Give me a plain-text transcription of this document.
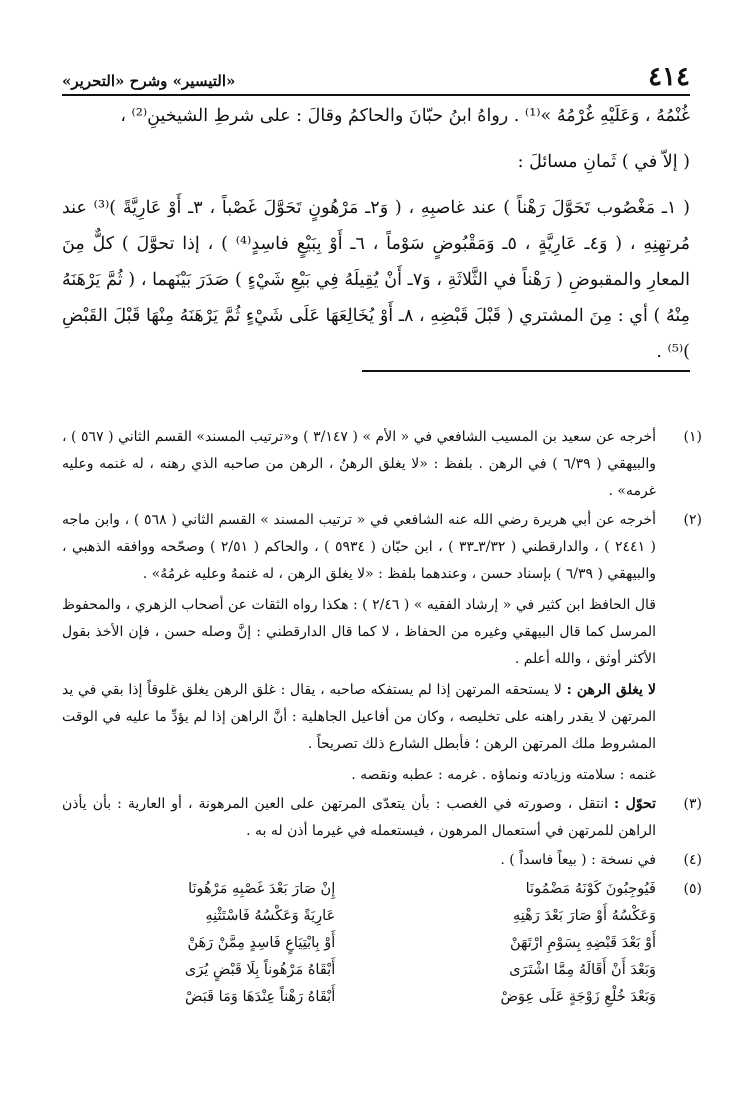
٤١٤
«التيسير» وشرح «التحرير»

غُنْمُهُ ، وَعَلَيْهِ غُرْمُهُ »⁽¹⁾ . رواهُ ابنُ حبّانَ والحاكمُ وقالَ : على شرطِ الشيخينِ⁽²⁾ ،

( إلاّ في ) ثَمانِ مسائلَ :

( ١ـ مَغْصُوب تَحَوَّلَ رَهْناً ) عند غاصبِهِ ، ( وَ٢ـ مَرْهُونٍ تَحَوَّلَ غَصْباً ، ٣ـ أَوْ عَارِيَّةً )⁽³⁾ عند مُرتهِنِهِ ، ( وَ٤ـ عَارِيَّةٍ ، ٥ـ وَمَقْبُوضٍ سَوْماً ، ٦ـ أَوْ بِبَيْعٍ فاسِدٍ⁽⁴⁾ ) ، إذا تحوَّلَ ) كلٌّ مِنَ المعارِ والمقبوضِ ( رَهْناً في الثَّلاثَةِ ، وَ٧ـ أَنْ يُقِيلَهُ فِي بَيْعِ شَيْءٍ ) صَدَرَ بَيْنَهما ، ( ثُمَّ يَرْهَنَهُ مِنْهُ ) أي : مِنَ المشتري ( قَبْلَ قَبْضِهِ ، ٨ـ أَوْ يُخَالِعَهَا عَلَى شَيْءٍ ثُمَّ يَرْهَنَهُ مِنْهَا قَبْلَ القَبْضِ )⁽⁵⁾ .

(١)

أخرجه عن سعيد بن المسيب الشافعي في « الأم » ( ٣/١٤٧ ) و«ترتيب المسند» القسم الثاني ( ٥٦٧ ) ، والبيهقي ( ٦/٣٩ ) في الرهن . بلفظ : «لا يغلق الرهنُ ، الرهن من صاحبه الذي رهنه ، له غنمه وعليه غرمه» .

(٢)

أخرجه عن أبي هريرة رضي الله عنه الشافعي في « ترتيب المسند » القسم الثاني ( ٥٦٨ ) ، وابن ماجه ( ٢٤٤١ ) ، والدارقطني ( ٣/٣٢ـ٣٣ ) ، ابن حبّان ( ٥٩٣٤ ) ، والحاكم ( ٢/٥١ ) وصحّحه ووافقه الذهبي ، والبيهقي ( ٦/٣٩ ) بإسناد حسن ، وعندهما بلفظ : «لا يغلق الرهن ، له غنمهُ وعليه غرمُهُ» .

قال الحافظ ابن كثير في « إرشاد الفقيه » ( ٢/٤٦ ) : هكذا رواه الثقات عن أصحاب الزهري ، والمحفوظ المرسل كما قال البيهقي وغيره من الحفاظ ، لا كما قال الدارقطني : إنَّ وصله حسن ، فإن الأخذ بقول الأكثر أوثق ، والله أعلم .

لا يغلق الرهن : لا يستحقه المرتهن إذا لم يستفكه صاحبه ، يقال : غلق الرهن يغلق غلوقاً إذا بقي في يد المرتهن لا يقدر راهنه على تخليصه ، وكان من أفاعيل الجاهلية : أنَّ الراهن إذا لم يؤدِّ ما عليه في الوقت المشروط ملك المرتهن الرهن ؛ فأبطل الشارع ذلك تصريحاً .

غنمه : سلامته وزيادته ونماؤه . غرمه : عطبه ونقصه .

(٣)

تحوّل : انتقل ، وصورته في الغصب : بأن يتعدّى المرتهن على العين المرهونة ، أو العارية : بأن يأذن الراهن للمرتهن في أستعمال المرهون ، فيستعمله في غيرما أذن له به .

(٤)

في نسخة : ( بيعاً فاسداً ) .

(٥)
فَيُوجِبُونَ كَوْنَهُ مَضْمُونَا
إِنْ صَارَ بَعْدَ غَصْبِهِ مَرْهُونَا
وَعَكْسُهُ أَوْ صَارَ بَعْدَ رَهْنِهِ
عَارِيَةً وَعَكْسُهُ فَاسْتَثْنِهِ
أَوْ بَعْدَ قَبْضِهِ بِسَوْمِ ارْتَهَنْ
أَوْ بِابْتِيَاعٍ فَاسِدٍ مِمَّنْ رَهَنْ
وَبَعْدَ أَنْ أَقَالَهُ مِمَّا اشْتَرَى
أَبْقَاهُ مَرْهُوناً بِلَا قَبْضٍ يُرَى
وَبَعْدَ خُلْعِ زَوْجَةٍ عَلَى عِوَضْ
أَبْقَاهُ رَهْناً عِنْدَهَا وَمَا قَبَضْ
